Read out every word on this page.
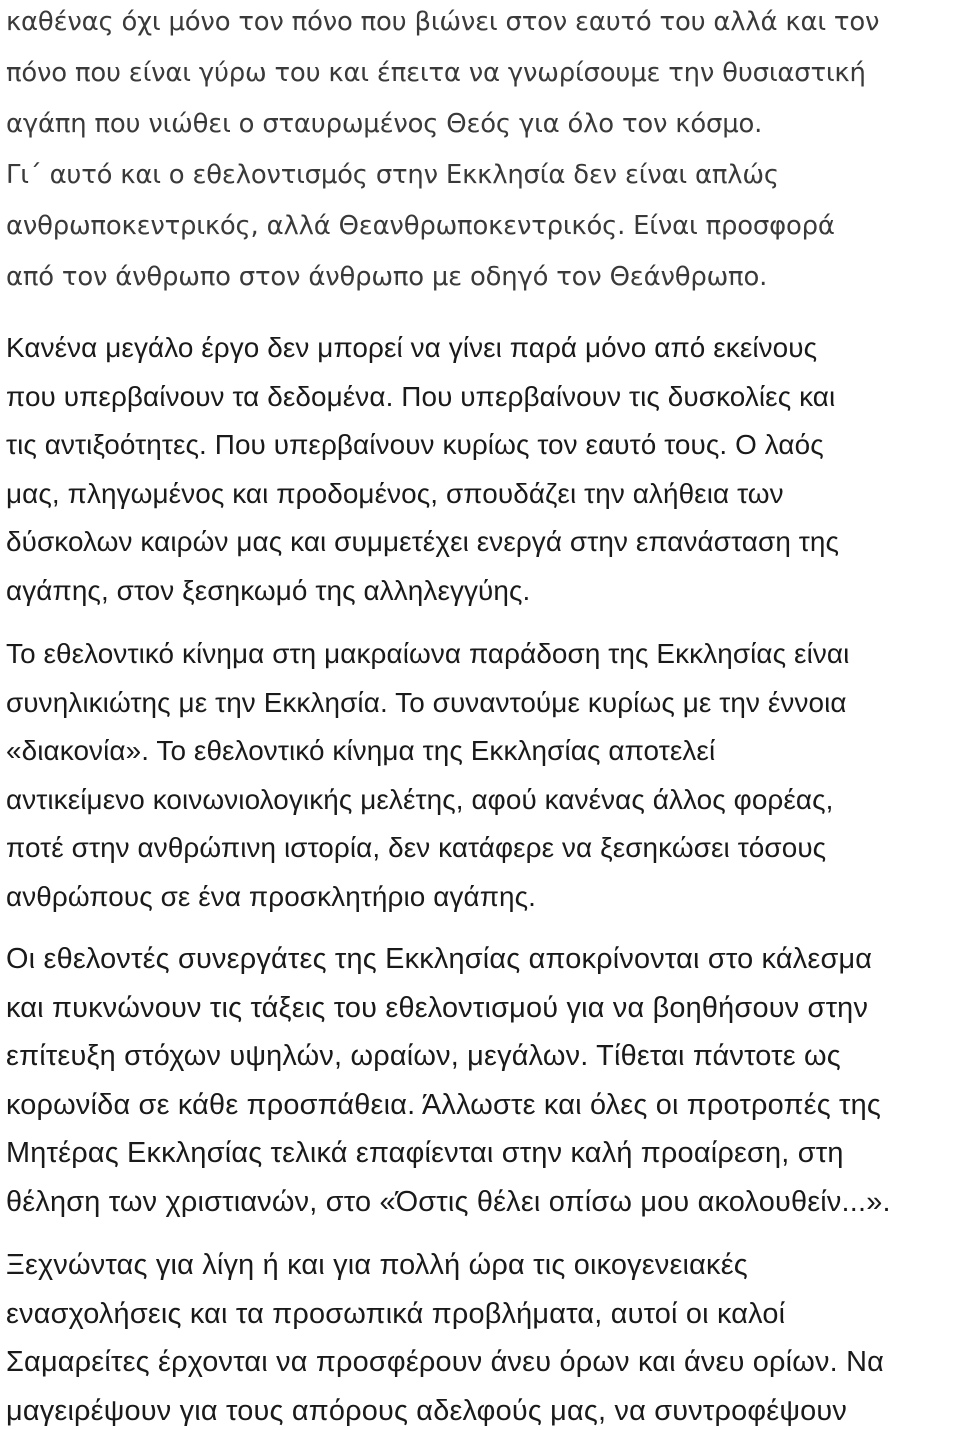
καθένας όχι μόνο τον πόνο που βιώνει στον εαυτό του αλλά και τον
πόνο που είναι γύρω του και έπειτα να γνωρίσουμε την θυσιαστική
αγάπη που νιώθει ο σταυρωμένος Θεός για όλο τον κόσμο.

Γι΄ αυτό και ο εθελοντισμός στην Εκκλησία δεν είναι απλώς
ανθρωποκεντρικός, αλλά Θεανθρωποκεντρικός. Είναι προσφορά
από τον άνθρωπο στον άνθρωπο με οδηγό τον Θεάνθρωπο.

Κανένα μεγάλο έργο δεν μπορεί να γίνει παρά μόνο από εκείνους
που υπερβαίνουν τα δεδομένα. Που υπερβαίνουν τις δυσκολίες και
τις αντιξοότητες. Που υπερβαίνουν κυρίως τον εαυτό τους. Ο λαός
μας, πληγωμένος και προδομένος, σπουδάζει την αλήθεια των
δύσκολων καιρών μας και συμμετέχει ενεργά στην επανάσταση της
αγάπης, στον ξεσηκωμό της αλληλεγγύης.

Το εθελοντικό κίνημα στη μακραίωνα παράδοση της Εκκλησίας είναι
συνηλικιώτης με την Εκκλησία. Το συναντούμε κυρίως με την έννοια
«διακονία». Το εθελοντικό κίνημα της Εκκλησίας αποτελεί
αντικείμενο κοινωνιολογικής μελέτης, αφού κανένας άλλος φορέας,
ποτέ στην ανθρώπινη ιστορία, δεν κατάφερε να ξεσηκώσει τόσους
ανθρώπους σε ένα προσκλητήριο αγάπης.

Οι εθελοντές συνεργάτες της Εκκλησίας αποκρίνονται στο κάλεσμα
και πυκνώνουν τις τάξεις του εθελοντισμού για να βοηθήσουν στην
επίτευξη στόχων υψηλών, ωραίων, μεγάλων. Τίθεται πάντοτε ως
κορωνίδα σε κάθε προσπάθεια. Άλλωστε και όλες οι προτροπές της
Μητέρας Εκκλησίας τελικά επαφίενται στην καλή προαίρεση, στη
θέληση των χριστιανών, στο «Όστις θέλει οπίσω μου ακολουθείν...».

Ξεχνώντας για λίγη ή και για πολλή ώρα τις οικογενειακές
ενασχολήσεις και τα προσωπικά προβλήματα, αυτοί οι καλοί
Σαμαρείτες έρχονται να προσφέρουν άνευ όρων και άνευ ορίων. Να
μαγειρέψουν για τους απόρους αδελφούς μας, να συντροφέψουν
